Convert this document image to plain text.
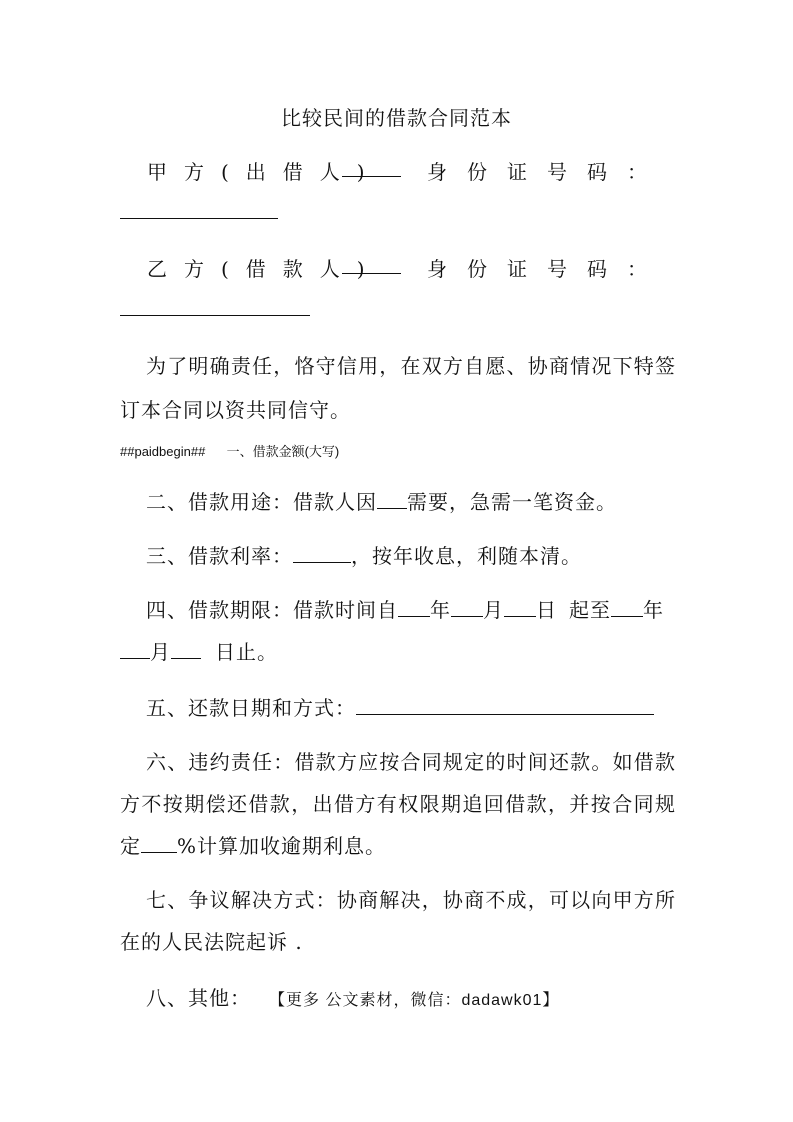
比较民间的借款合同范本
甲方(出借人) 身份证号码：
乙方(借款人) 身份证号码：
为了明确责任，恪守信用，在双方自愿、协商情况下特签
订本合同以资共同信守。
##paidbegin## 一、借款金额(大写)
二、借款用途：借款人因 需要，急需一笔资金。
三、借款利率：	，按年收息，利随本清。
四、借款期限：借款时间自 年 月 日 起至 年
月 日止。
五、还款日期和方式：
六、违约责任：借款方应按合同规定的时间还款。如借款
方不按期偿还借款，出借方有权限期追回借款，并按合同规
定 %计算加收逾期利息。
七、争议解决方式：协商解决，协商不成，可以向甲方所
在的人民法院起诉 .
八、其他： 【更多 公文素材，微信：dadawk01】
